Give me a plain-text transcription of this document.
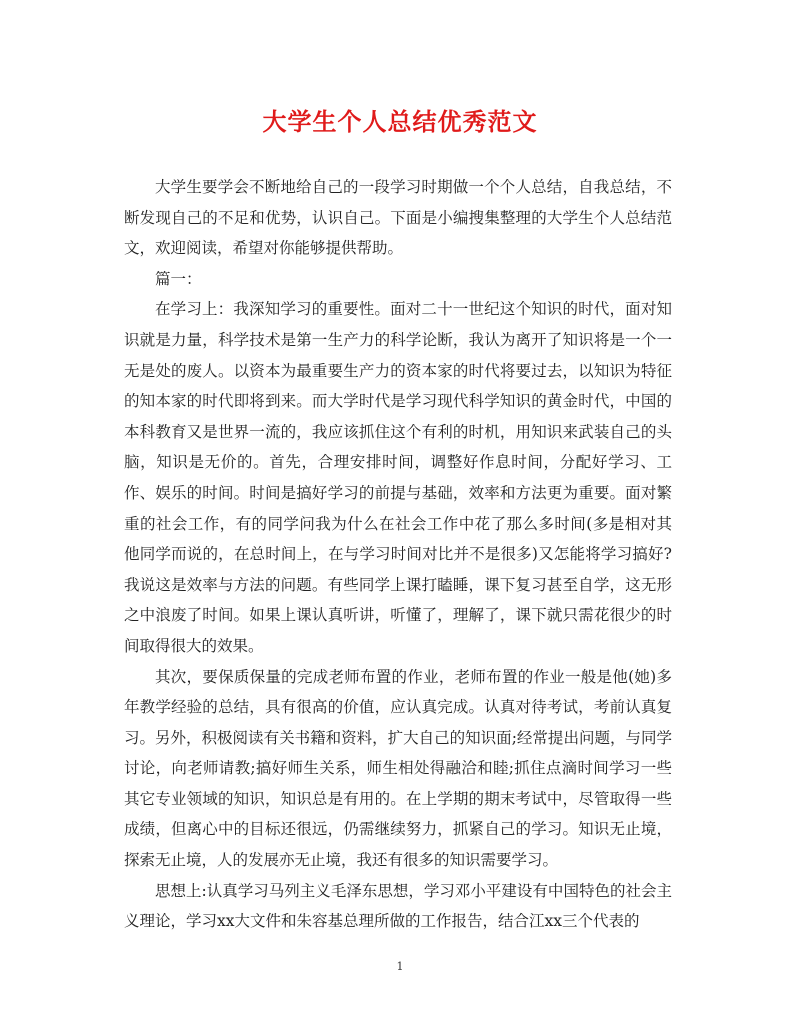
大学生个人总结优秀范文

大学生要学会不断地给自己的一段学习时期做一个个人总结，自我总结，不断发现自己的不足和优势，认识自己。下面是小编搜集整理的大学生个人总结范文，欢迎阅读，希望对你能够提供帮助。

篇一：

在学习上：我深知学习的重要性。面对二十一世纪这个知识的时代，面对知识就是力量，科学技术是第一生产力的科学论断，我认为离开了知识将是一个一无是处的废人。以资本为最重要生产力的资本家的时代将要过去，以知识为特征的知本家的时代即将到来。而大学时代是学习现代科学知识的黄金时代，中国的本科教育又是世界一流的，我应该抓住这个有利的时机，用知识来武装自己的头脑，知识是无价的。首先，合理安排时间，调整好作息时间，分配好学习、工作、娱乐的时间。时间是搞好学习的前提与基础，效率和方法更为重要。面对繁重的社会工作，有的同学问我为什么在社会工作中花了那么多时间(多是相对其他同学而说的，在总时间上，在与学习时间对比并不是很多)又怎能将学习搞好?我说这是效率与方法的问题。有些同学上课打瞌睡，课下复习甚至自学，这无形之中浪废了时间。如果上课认真听讲，听懂了，理解了，课下就只需花很少的时间取得很大的效果。

其次，要保质保量的完成老师布置的作业，老师布置的作业一般是他(她)多年教学经验的总结，具有很高的价值，应认真完成。认真对待考试，考前认真复习。另外，积极阅读有关书籍和资料，扩大自己的知识面;经常提出问题，与同学讨论，向老师请教;搞好师生关系，师生相处得融洽和睦;抓住点滴时间学习一些其它专业领域的知识，知识总是有用的。在上学期的期末考试中，尽管取得一些成绩，但离心中的目标还很远，仍需继续努力，抓紧自己的学习。知识无止境，探索无止境，人的发展亦无止境，我还有很多的知识需要学习。

思想上:认真学习马列主义毛泽东思想，学习邓小平建设有中国特色的社会主义理论，学习xx大文件和朱容基总理所做的工作报告，结合江xx三个代表的

1
